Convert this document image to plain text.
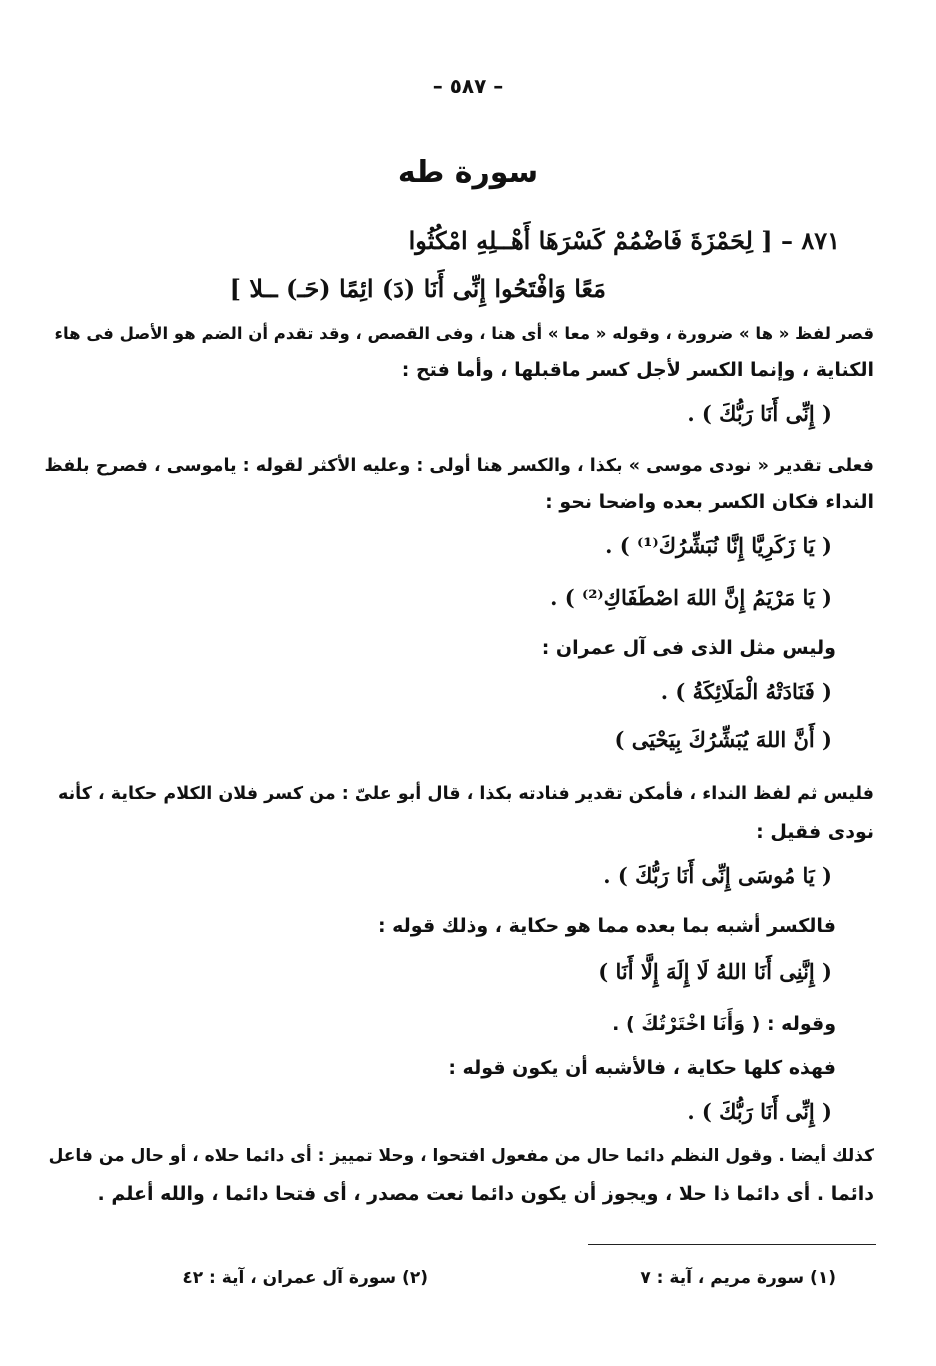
– ٥٨٧ –
سورة طه
٨٧١ – [ لِحَمْزَةَ فَاضْمُمْ كَسْرَهَا أَهْــلِهِ امْكُثُوا
مَعًا وَافْتَحُوا إِنِّى أَنَا (دَ) ائِمًا (حَـ) ــلا ]
قصر لفظ « ها » ضرورة ، وقوله « معا » أى هنا ، وفى القصص ، وقد تقدم أن الضم هو الأصل فى هاء
الكناية ، وإنما الكسر لأجل كسر ماقبلها ، وأما فتح :
( إِنِّى أَنَا رَبُّكَ ) .
فعلى تقدير « نودى موسى » بكذا ، والكسر هنا أولى : وعليه الأكثر لقوله : ياموسى ، فصرح بلفظ
النداء فكان الكسر بعده واضحا نحو :
( يَا زَكَرِيَّا إِنَّا نُبَشِّرُكَ⁽¹⁾ ) .
( يَا مَرْيَمُ إِنَّ اللهَ اصْطَفَاكِ⁽²⁾ ) .
وليس مثل الذى فى آل عمران :
( فَنَادَتْهُ الْمَلَائِكَةُ ) .
( أَنَّ اللهَ يُبَشِّرُكَ بِيَحْيَى )
فليس ثم لفظ النداء ، فأمكن تقدير فنادته بكذا ، قال أبو علىّ : من كسر فلان الكلام حكاية ، كأنه
نودى فقيل :
( يَا مُوسَى إِنِّى أَنَا رَبُّكَ ) .
فالكسر أشبه بما بعده مما هو حكاية ، وذلك قوله :
( إِنَّنِى أَنَا اللهُ لَا إِلَهَ إِلَّا أَنَا )
وقوله : ( وَأَنَا اخْتَرْتُكَ ) .
فهذه كلها حكاية ، فالأشبه أن يكون قوله :
( إِنِّى أَنَا رَبُّكَ ) .
كذلك أيضا . وقول النظم دائما حال من مفعول افتحوا ، وحلا تمييز : أى دائما حلاه ، أو حال من فاعل
دائما . أى دائما ذا حلا ، ويجوز أن يكون دائما نعت مصدر ، أى فتحا دائما ، والله أعلم .
(١) سورة مريم ، آية : ٧
(٢) سورة آل عمران ، آية : ٤٢
